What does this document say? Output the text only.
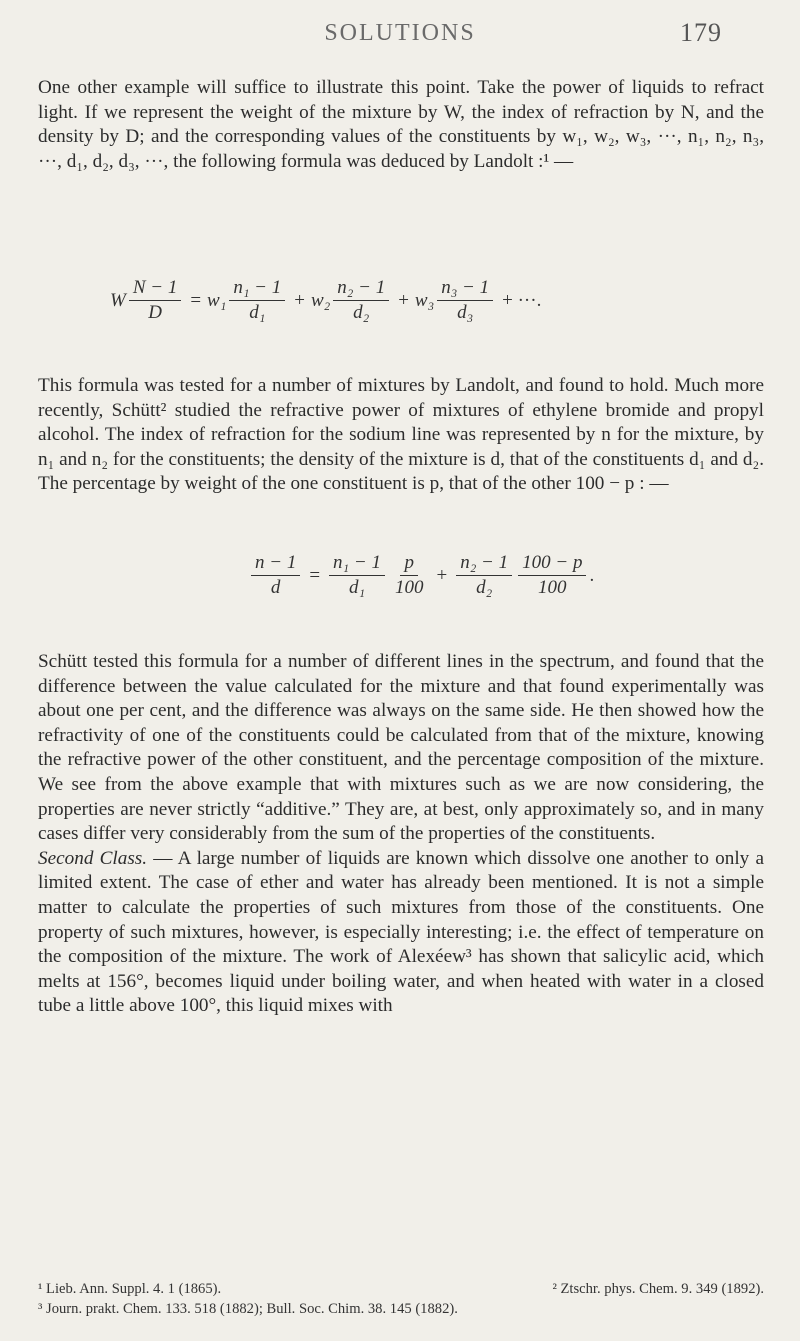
SOLUTIONS	179

One other example will suffice to illustrate this point. Take the power of liquids to refract light. If we represent the weight of the mixture by W, the index of refraction by N, and the density by D; and the corresponding values of the constituents by w₁, w₂, w₃, ···, n₁, n₂, n₃, ···, d₁, d₂, d₃, ···, the following formula was deduced by Landolt :¹ —

W $\frac{N - 1}{D} = w_1 \frac{\text{n₁ − 1}}{\text{d₁}} + w_2 \frac{\text{n₂ − 1}}{\text{d₂}} + w_3 \frac{\text{n₃ − 1}}{\text{d₃}}$ + ···.

This formula was tested for a number of mixtures by Landolt, and found to hold. Much more recently, Schütt² studied the refractive power of mixtures of ethylene bromide and propyl alcohol. The index of refraction for the sodium line was represented by n for the mixture, by n₁ and n₂ for the constituents; the density of the mixture is d, that of the constituents d₁ and d₂. The percentage by weight of the one constituent is p, that of the other 100 − p : —

$\frac{n - 1}{d} = \frac{\text{n₁ − 1}}{\text{d₁}} \frac{p}{100} + \frac{\text{n₂ − 1}}{\text{d₂}} \frac{100 - p}{100}$ .

Schütt tested this formula for a number of different lines in the spectrum, and found that the difference between the value calculated for the mixture and that found experimentally was about one per cent, and the difference was always on the same side. He then showed how the refractivity of one of the constituents could be calculated from that of the mixture, knowing the refractive power of the other constituent, and the percentage composition of the mixture. We see from the above example that with mixtures such as we are now considering, the properties are never strictly “additive.” They are, at best, only approximately so, and in many cases differ very considerably from the sum of the properties of the constituents.

Second Class. — A large number of liquids are known which dissolve one another to only a limited extent. The case of ether and water has already been mentioned. It is not a simple matter to calculate the properties of such mixtures from those of the constituents. One property of such mixtures, however, is especially interesting; i.e. the effect of temperature on the composition of the mixture. The work of Alexéew³ has shown that salicylic acid, which melts at 156°, becomes liquid under boiling water, and when heated with water in a closed tube a little above 100°, this liquid mixes with

¹ Lieb. Ann. Suppl. 4. 1 (1865).	² Ztschr. phys. Chem. 9. 349 (1892).
³ Journ. prakt. Chem. 133. 518 (1882); Bull. Soc. Chim. 38. 145 (1882).
